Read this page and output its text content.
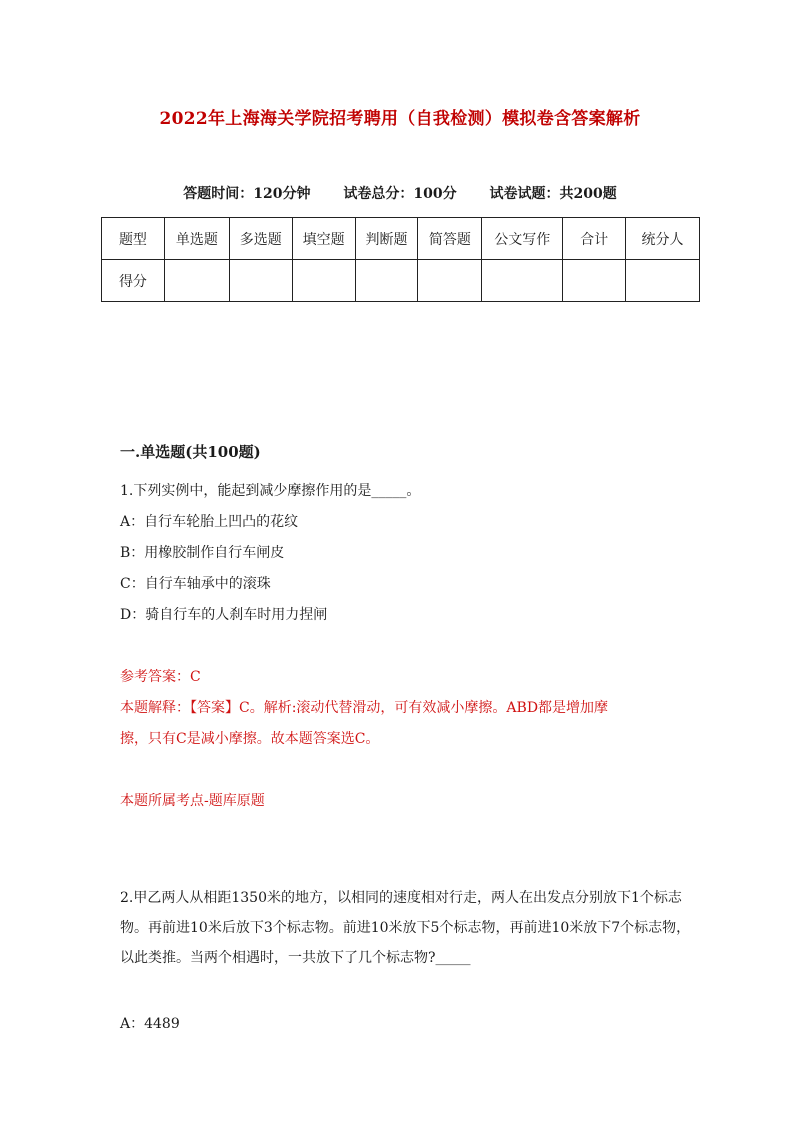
2022年上海海关学院招考聘用（自我检测）模拟卷含答案解析
答题时间：120分钟 试卷总分：100分 试卷试题：共200题
题型	单选题	多选题	填空题	判断题	简答题	公文写作	合计	统分人
得分								
一.单选题(共100题)
1.下列实例中，能起到减少摩擦作用的是_____。
A：自行车轮胎上凹凸的花纹
B：用橡胶制作自行车闸皮
C：自行车轴承中的滚珠
D：骑自行车的人刹车时用力捏闸
参考答案：C
本题解释：【答案】C。解析:滚动代替滑动，可有效减小摩擦。ABD都是增加摩
擦，只有C是减小摩擦。故本题答案选C。
本题所属考点-题库原题
2.甲乙两人从相距1350米的地方，以相同的速度相对行走，两人在出发点分别放下1个标志物。再前进10米后放下3个标志物。前进10米放下5个标志物，再前进10米放下7个标志物，以此类推。当两个相遇时，一共放下了几个标志物?_____
A：4489
